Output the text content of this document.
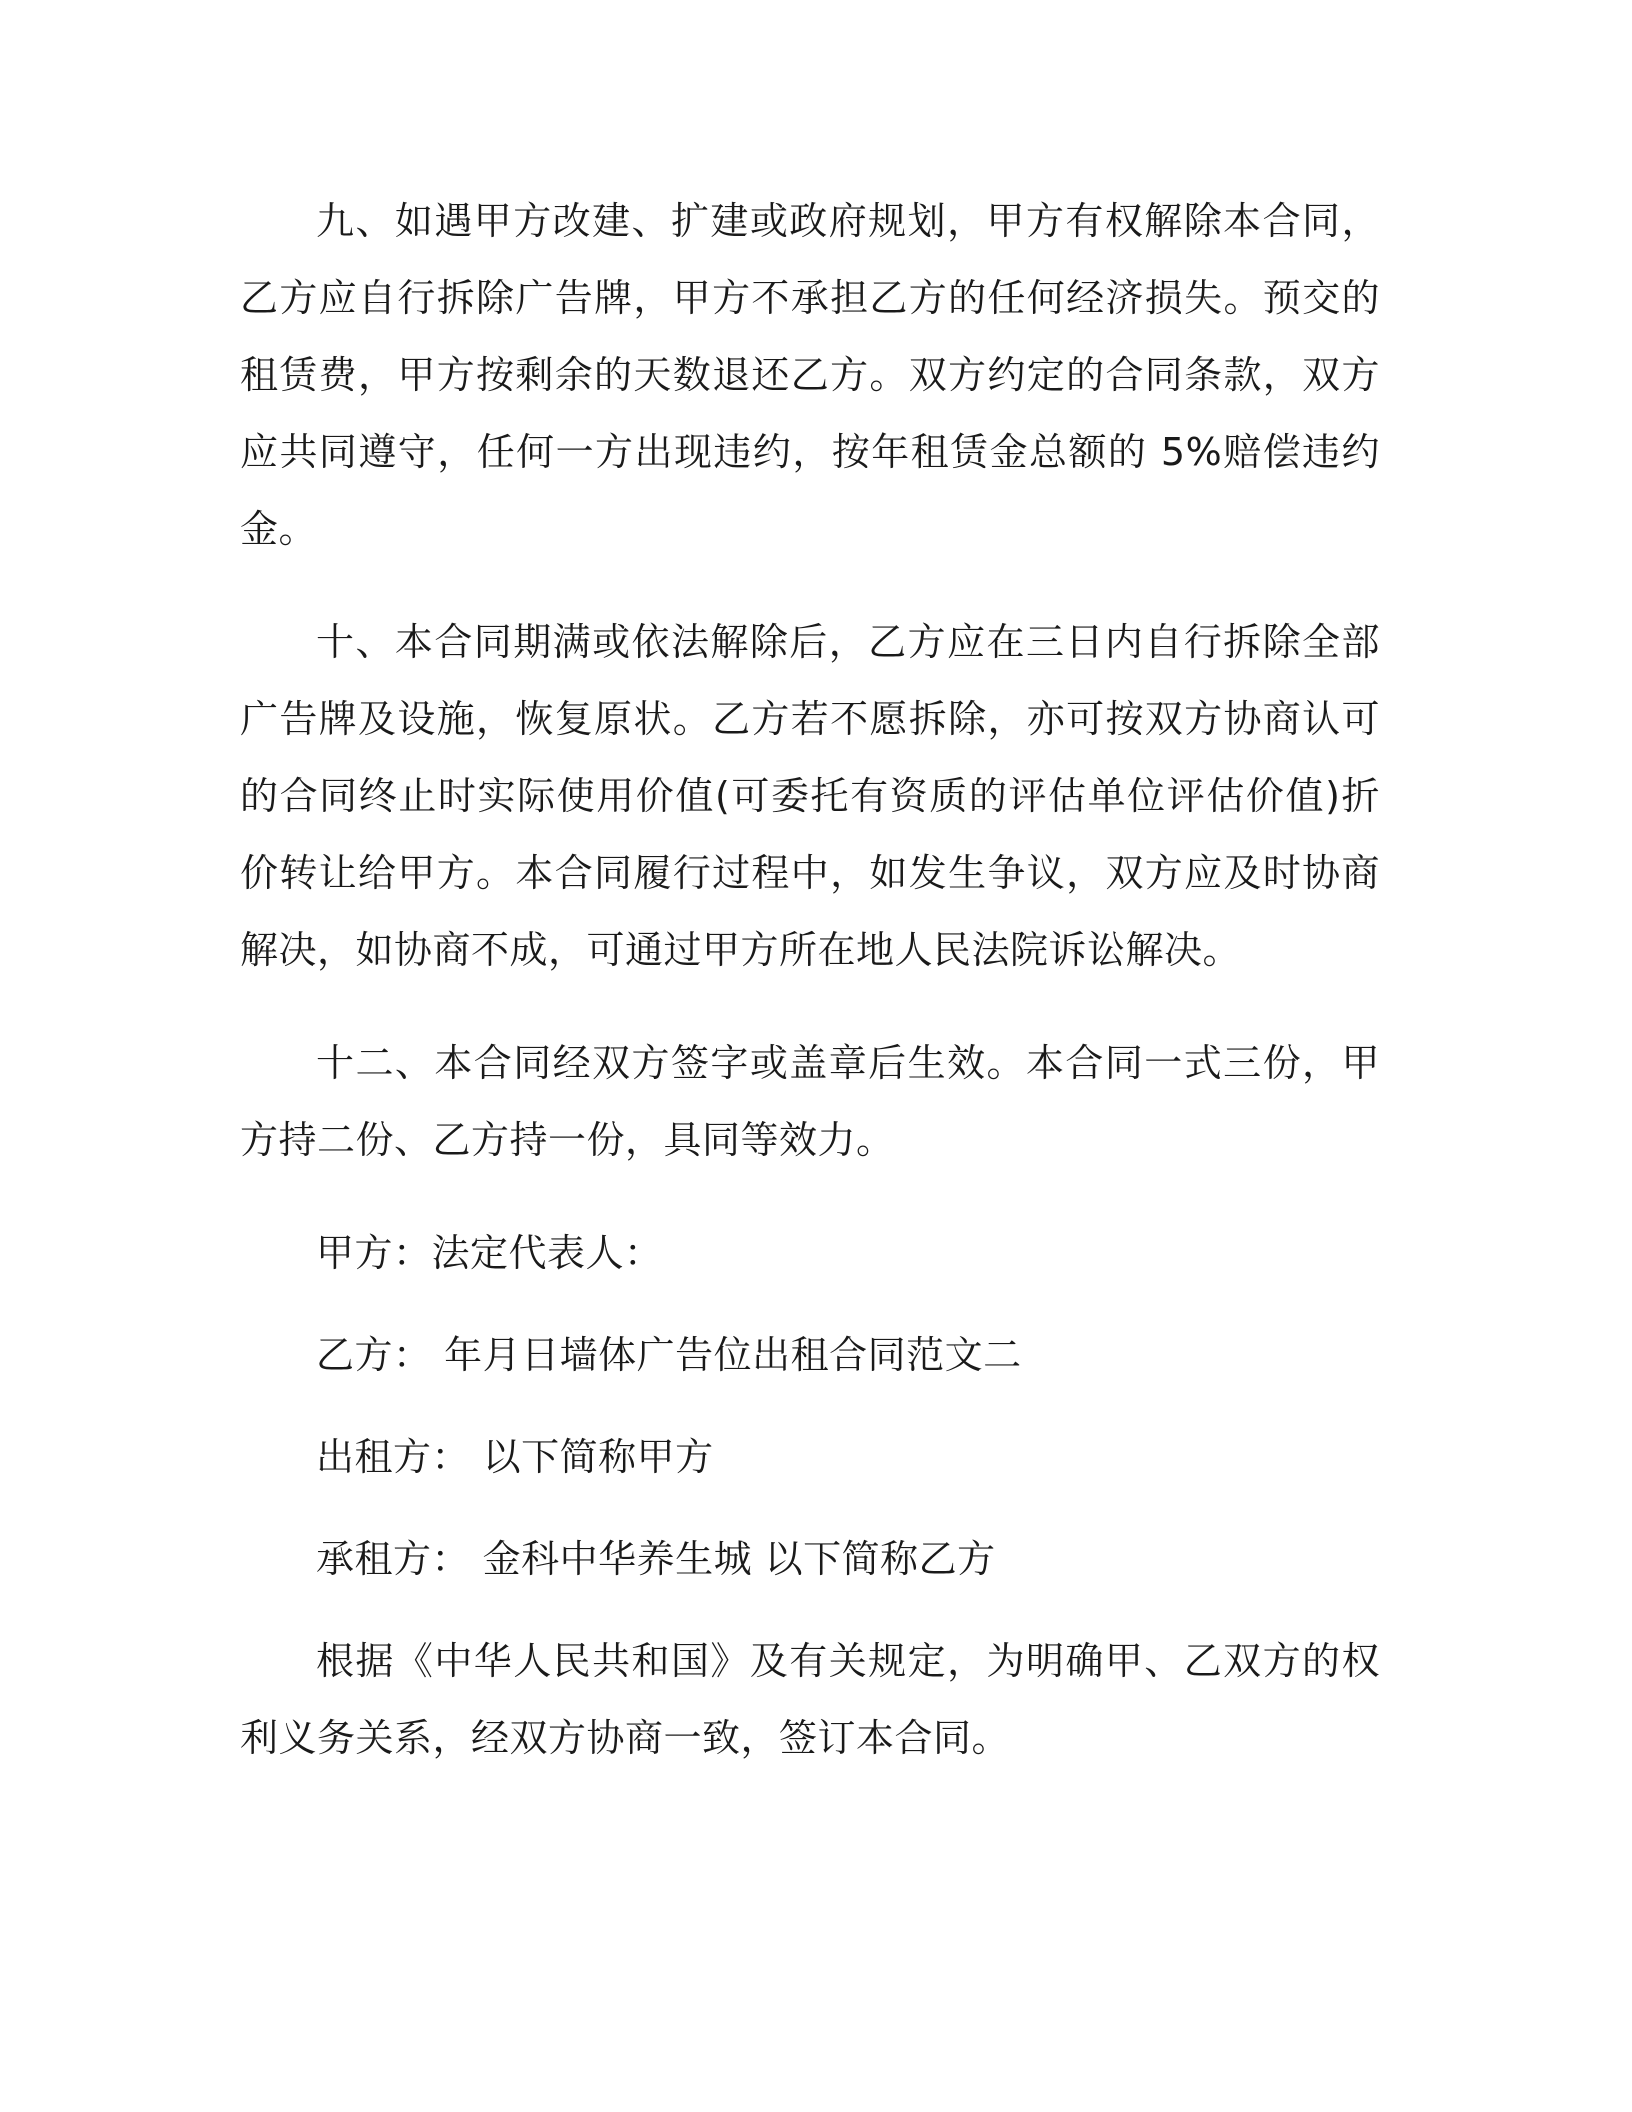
九、如遇甲方改建、扩建或政府规划，甲方有权解除本合同，乙方应自行拆除广告牌，甲方不承担乙方的任何经济损失。预交的租赁费，甲方按剩余的天数退还乙方。双方约定的合同条款，双方应共同遵守，任何一方出现违约，按年租赁金总额的 5%赔偿违约金。

十、本合同期满或依法解除后，乙方应在三日内自行拆除全部广告牌及设施，恢复原状。乙方若不愿拆除，亦可按双方协商认可的合同终止时实际使用价值(可委托有资质的评估单位评估价值)折价转让给甲方。本合同履行过程中，如发生争议，双方应及时协商解决，如协商不成，可通过甲方所在地人民法院诉讼解决。

十二、本合同经双方签字或盖章后生效。本合同一式三份，甲方持二份、乙方持一份，具同等效力。

甲方：法定代表人：

乙方： 年月日墙体广告位出租合同范文二

出租方： 以下简称甲方

承租方： 金科中华养生城 以下简称乙方

根据《中华人民共和国》及有关规定，为明确甲、乙双方的权利义务关系，经双方协商一致，签订本合同。
